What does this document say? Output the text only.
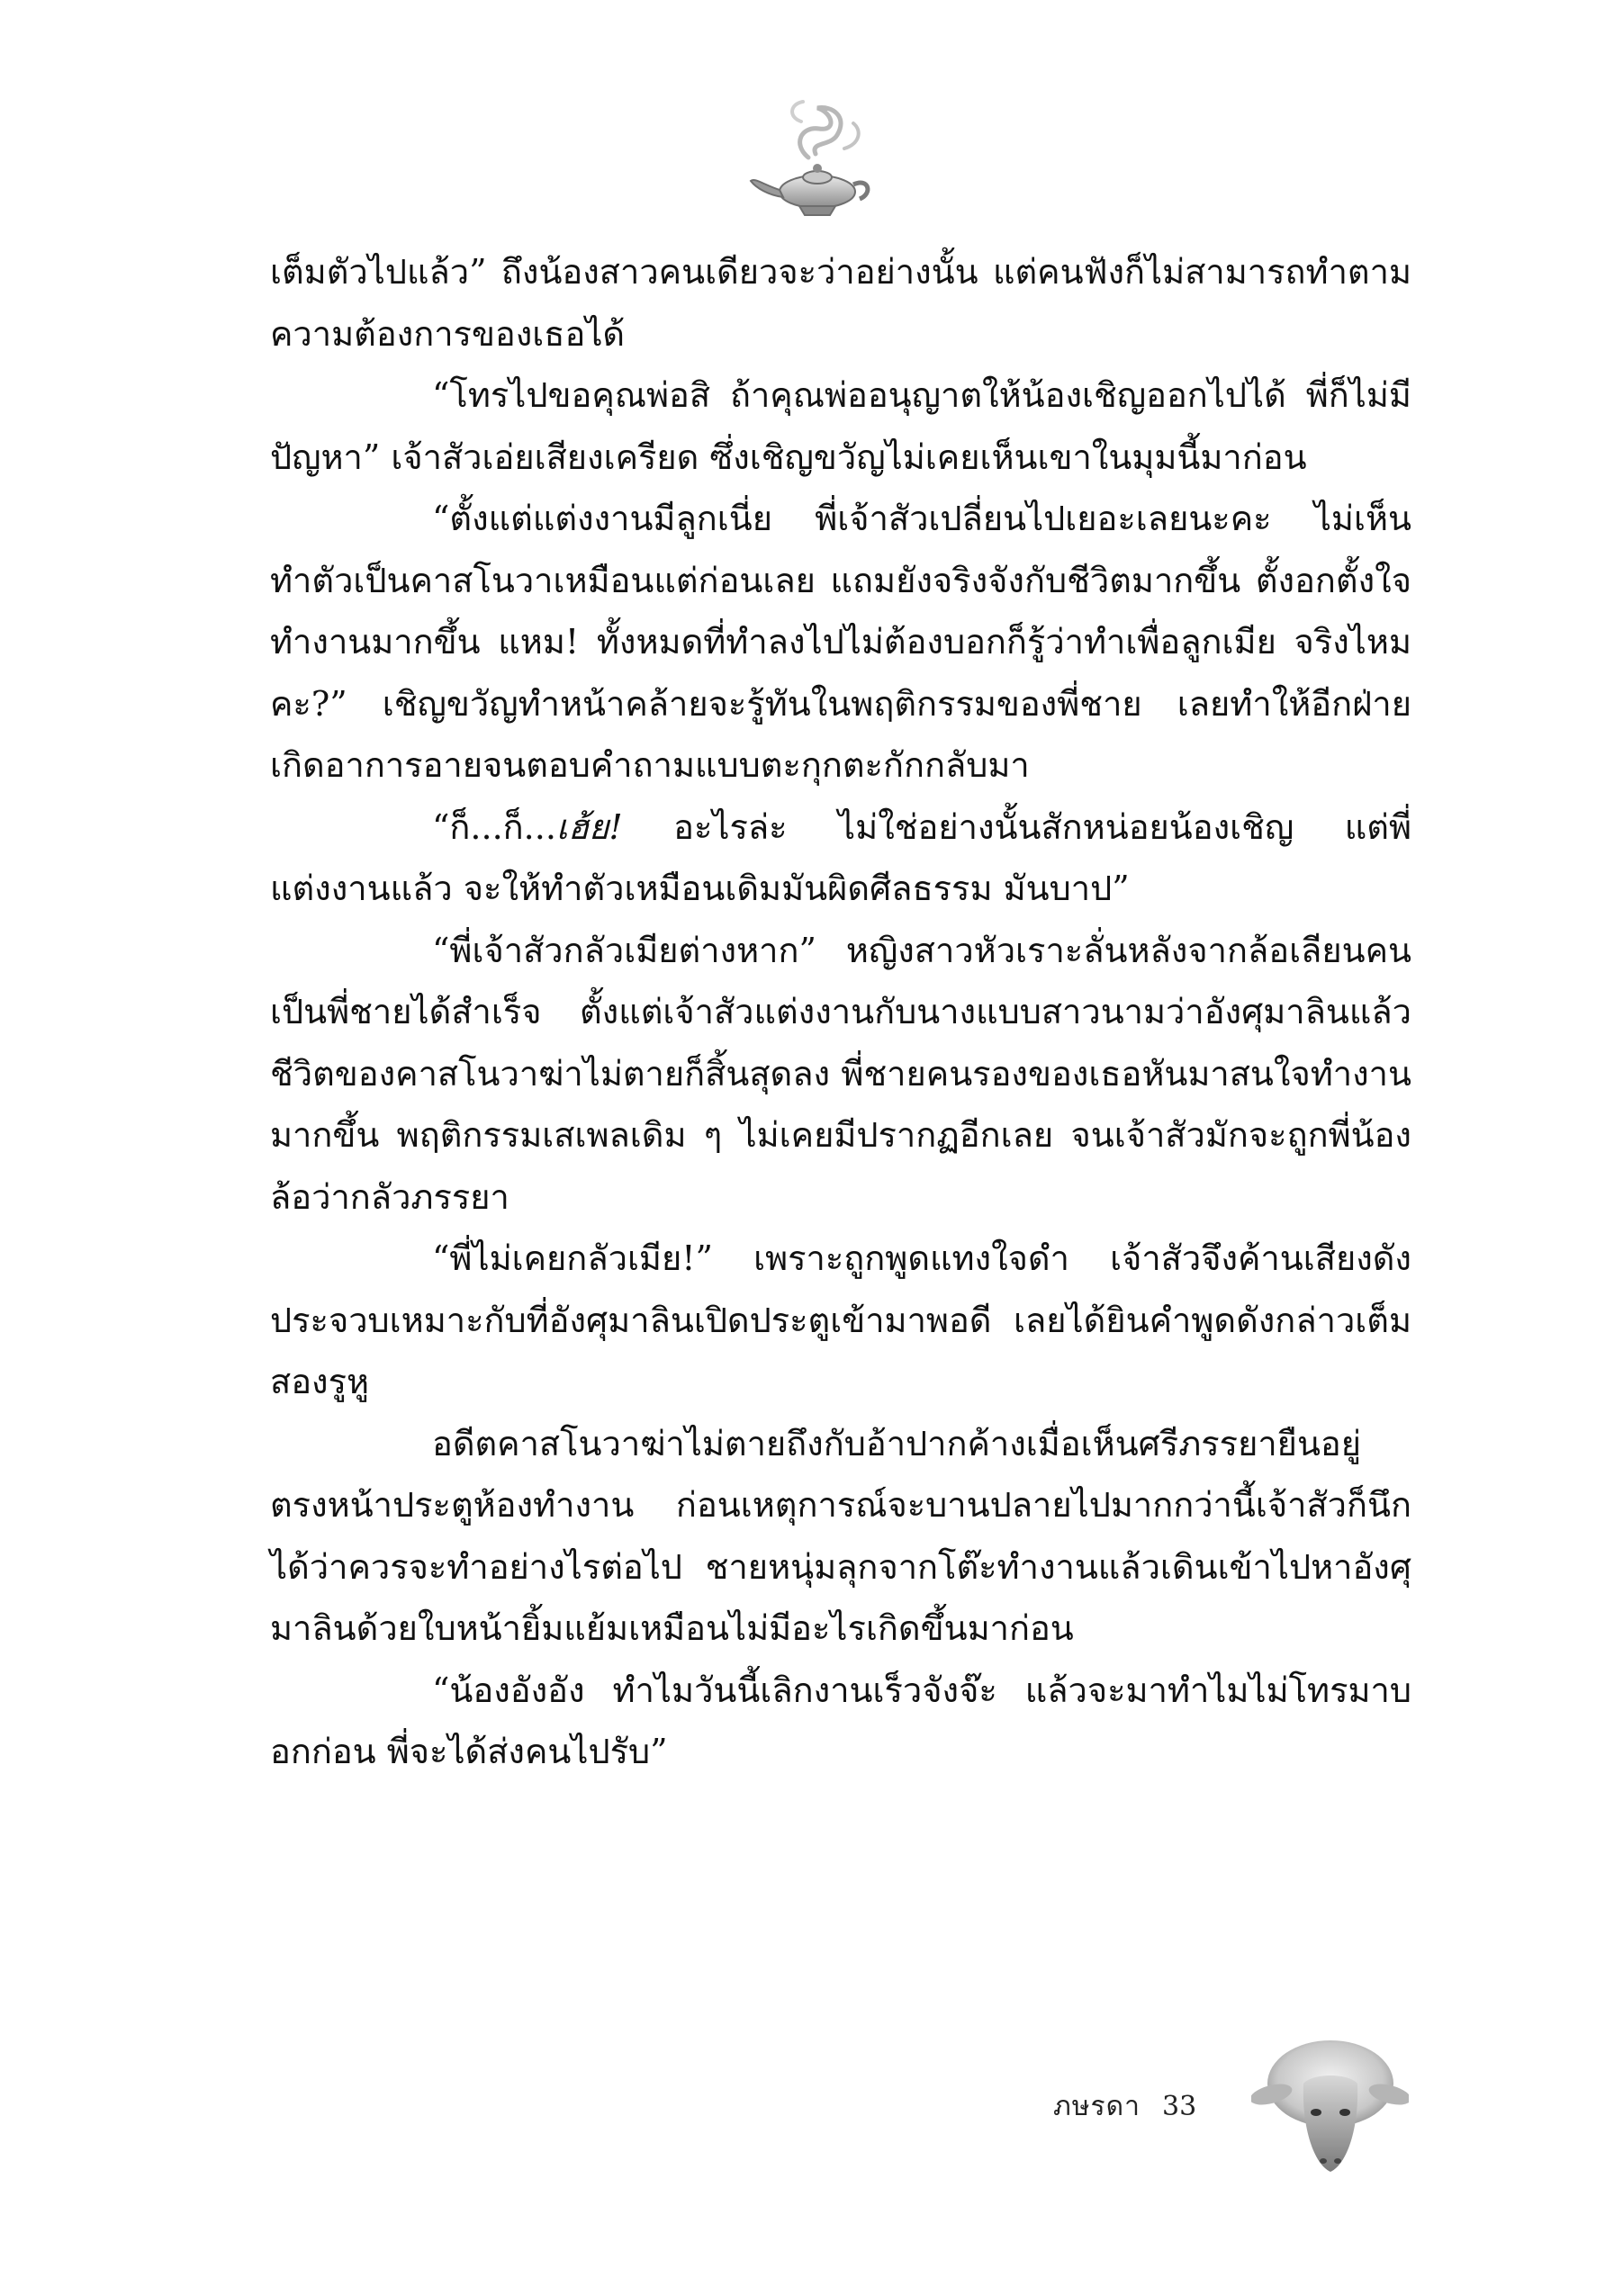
เต็มตัวไปแล้ว” ถึงน้องสาวคนเดียวจะว่าอย่างนั้น แต่คนฟังก็ไม่สามารถทำตามความต้องการของเธอได้

“โทรไปขอคุณพ่อสิ ถ้าคุณพ่ออนุญาตให้น้องเชิญออกไปได้ พี่ก็ไม่มีปัญหา” เจ้าสัวเอ่ยเสียงเครียด ซึ่งเชิญขวัญไม่เคยเห็นเขาในมุมนี้มาก่อน

“ตั้งแต่แต่งงานมีลูกเนี่ย พี่เจ้าสัวเปลี่ยนไปเยอะเลยนะคะ ไม่เห็นทำตัวเป็นคาสโนวาเหมือนแต่ก่อนเลย แถมยังจริงจังกับชีวิตมากขึ้น ตั้งอกตั้งใจทำงานมากขึ้น แหม! ทั้งหมดที่ทำลงไปไม่ต้องบอกก็รู้ว่าทำเพื่อลูกเมีย จริงไหมคะ?” เชิญขวัญทำหน้าคล้ายจะรู้ทันในพฤติกรรมของพี่ชาย เลยทำให้อีกฝ่ายเกิดอาการอายจนตอบคำถามแบบตะกุกตะกักกลับมา

“ก็...ก็...เฮ้ย! อะไรล่ะ ไม่ใช่อย่างนั้นสักหน่อยน้องเชิญ แต่พี่แต่งงานแล้ว จะให้ทำตัวเหมือนเดิมมันผิดศีลธรรม มันบาป”

“พี่เจ้าสัวกลัวเมียต่างหาก” หญิงสาวหัวเราะลั่นหลังจากล้อเลียนคนเป็นพี่ชายได้สำเร็จ ตั้งแต่เจ้าสัวแต่งงานกับนางแบบสาวนามว่าอังศุมาลินแล้ว ชีวิตของคาสโนวาฆ่าไม่ตายก็สิ้นสุดลง พี่ชายคนรองของเธอหันมาสนใจทำงานมากขึ้น พฤติกรรมเสเพลเดิม ๆ ไม่เคยมีปรากฏอีกเลย จนเจ้าสัวมักจะถูกพี่น้องล้อว่ากลัวภรรยา

“พี่ไม่เคยกลัวเมีย!” เพราะถูกพูดแทงใจดำ เจ้าสัวจึงค้านเสียงดัง ประจวบเหมาะกับที่อังศุมาลินเปิดประตูเข้ามาพอดี เลยได้ยินคำพูดดังกล่าวเต็มสองรูหู

อดีตคาสโนวาฆ่าไม่ตายถึงกับอ้าปากค้างเมื่อเห็นศรีภรรยายืนอยู่ตรงหน้าประตูห้องทำงาน ก่อนเหตุการณ์จะบานปลายไปมากกว่านี้เจ้าสัวก็นึกได้ว่าควรจะทำอย่างไรต่อไป ชายหนุ่มลุกจากโต๊ะทำงานแล้วเดินเข้าไปหาอังศุมาลินด้วยใบหน้ายิ้มแย้มเหมือนไม่มีอะไรเกิดขึ้นมาก่อน

“น้องอังอัง ทำไมวันนี้เลิกงานเร็วจังจ๊ะ แล้วจะมาทำไมไม่โทรมาบอกก่อน พี่จะได้ส่งคนไปรับ”

ภษรดา 33
